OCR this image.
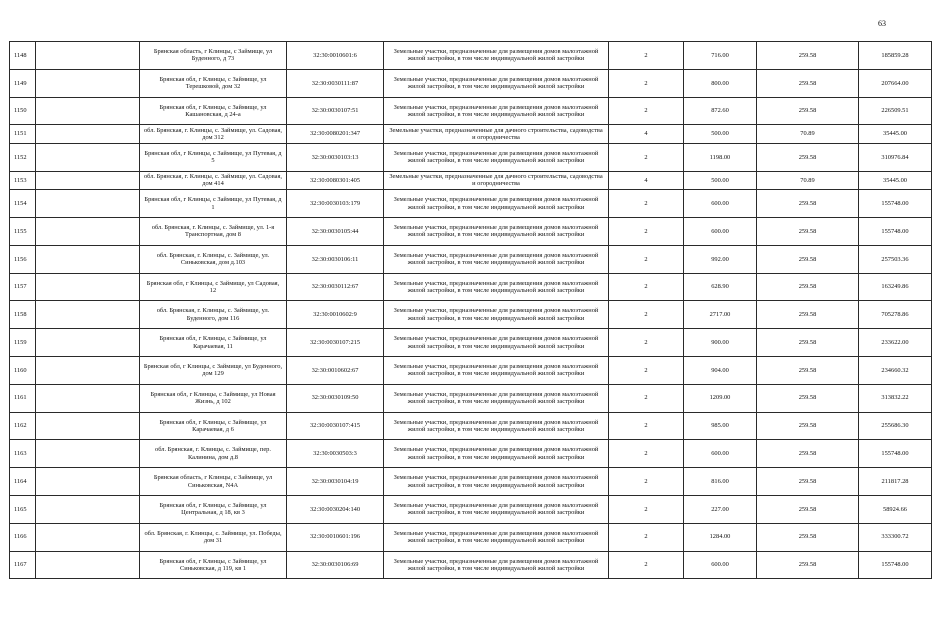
63
1148		Брянская область, г Клинцы, с Займище, ул Буденного, д 73	32:30:0010601:6	Земельные участки, предназначенные для размещения домов малоэтажной жилой застройки, в том числе индивидуальной жилой застройки	2	716.00	259.58	185859.28
1149		Брянская обл, г Клинцы, с Займище, ул Терешковой, дом 32	32:30:0030111:87	Земельные участки, предназначенные для размещения домов малоэтажной жилой застройки, в том числе индивидуальной жилой застройки	2	800.00	259.58	207664.00
1150		Брянская обл, г Клинцы, с Займище, ул Кашановская, д 24-а	32:30:0030107:51	Земельные участки, предназначенные для размещения домов малоэтажной жилой застройки, в том числе индивидуальной жилой застройки	2	872.60	259.58	226509.51
1151		обл. Брянская, г. Клинцы, с. Займище, ул. Садовая, дом 312	32:30:0080201:347	Земельные участки, предназначенные для дачного строительства, садоводства и огородничества	4	500.00	70.89	35445.00
1152		Брянская обл, г Клинцы, с Займище, ул Путевая, д 5	32:30:0030103:13	Земельные участки, предназначенные для размещения домов малоэтажной жилой застройки, в том числе индивидуальной жилой застройки	2	1198.00	259.58	310976.84
1153		обл. Брянская, г. Клинцы, с. Займище, ул. Садовая, дом 414	32:30:0080301:405	Земельные участки, предназначенные для дачного строительства, садоводства и огородничества	4	500.00	70.89	35445.00
1154		Брянская обл, г Клинцы, с Займище, ул Путевая, д 1	32:30:0030103:179	Земельные участки, предназначенные для размещения домов малоэтажной жилой застройки, в том числе индивидуальной жилой застройки	2	600.00	259.58	155748.00
1155		обл. Брянская, г. Клинцы, с. Займище, ул. 1-я Транспортная, дом 8	32:30:0030105:44	Земельные участки, предназначенные для размещения домов малоэтажной жилой застройки, в том числе индивидуальной жилой застройки	2	600.00	259.58	155748.00
1156		обл. Брянская, г. Клинцы, с. Займище, ул. Синьковская, дом д.103	32:30:0030106:11	Земельные участки, предназначенные для размещения домов малоэтажной жилой застройки, в том числе индивидуальной жилой застройки	2	992.00	259.58	257503.36
1157		Брянская обл, г Клинцы, с Займище, ул Садовая, 12	32:30:0030112:67	Земельные участки, предназначенные для размещения домов малоэтажной жилой застройки, в том числе индивидуальной жилой застройки	2	628.90	259.58	163249.86
1158		обл. Брянская, г. Клинцы, с. Займище, ул. Буденного, дом 116	32:30:0010602:9	Земельные участки, предназначенные для размещения домов малоэтажной жилой застройки, в том числе индивидуальной жилой застройки	2	2717.00	259.58	705278.86
1159		Брянская обл, г Клинцы, с Займище, ул Карачаевая, 11	32:30:0030107:215	Земельные участки, предназначенные для размещения домов малоэтажной жилой застройки, в том числе индивидуальной жилой застройки	2	900.00	259.58	233622.00
1160		Брянская обл, г Клинцы, с Займище, ул Буденного, дом 129	32:30:0010602:67	Земельные участки, предназначенные для размещения домов малоэтажной жилой застройки, в том числе индивидуальной жилой застройки	2	904.00	259.58	234660.32
1161		Брянская обл, г Клинцы, с Займище, ул Новая Жизнь, д 102	32:30:0030109:50	Земельные участки, предназначенные для размещения домов малоэтажной жилой застройки, в том числе индивидуальной жилой застройки	2	1209.00	259.58	313832.22
1162		Брянская обл, г Клинцы, с Займище, ул Карачаевая, д 6	32:30:0030107:415	Земельные участки, предназначенные для размещения домов малоэтажной жилой застройки, в том числе индивидуальной жилой застройки	2	985.00	259.58	255686.30
1163		обл. Брянская, г. Клинцы, с. Займище, пер. Калинина, дом д.8	32:30:0030503:3	Земельные участки, предназначенные для размещения домов малоэтажной жилой застройки, в том числе индивидуальной жилой застройки	2	600.00	259.58	155748.00
1164		Брянская область, г Клинцы, с Займище, ул Синьковская, N4А	32:30:0030104:19	Земельные участки, предназначенные для размещения домов малоэтажной жилой застройки, в том числе индивидуальной жилой застройки	2	816.00	259.58	211817.28
1165		Брянская обл, г Клинцы, с Займище, ул Центральная, д 18, кв 3	32:30:0030204:140	Земельные участки, предназначенные для размещения домов малоэтажной жилой застройки, в том числе индивидуальной жилой застройки	2	227.00	259.58	58924.66
1166		обл. Брянская, г. Клинцы, с. Займище, ул. Победы, дом 31	32:30:0010601:196	Земельные участки, предназначенные для размещения домов малоэтажной жилой застройки, в том числе индивидуальной жилой застройки	2	1284.00	259.58	333300.72
1167		Брянская обл, г Клинцы, с Займище, ул Синьковская, д 119, кв 1	32:30:0030106:69	Земельные участки, предназначенные для размещения домов малоэтажной жилой застройки, в том числе индивидуальной жилой застройки	2	600.00	259.58	155748.00
